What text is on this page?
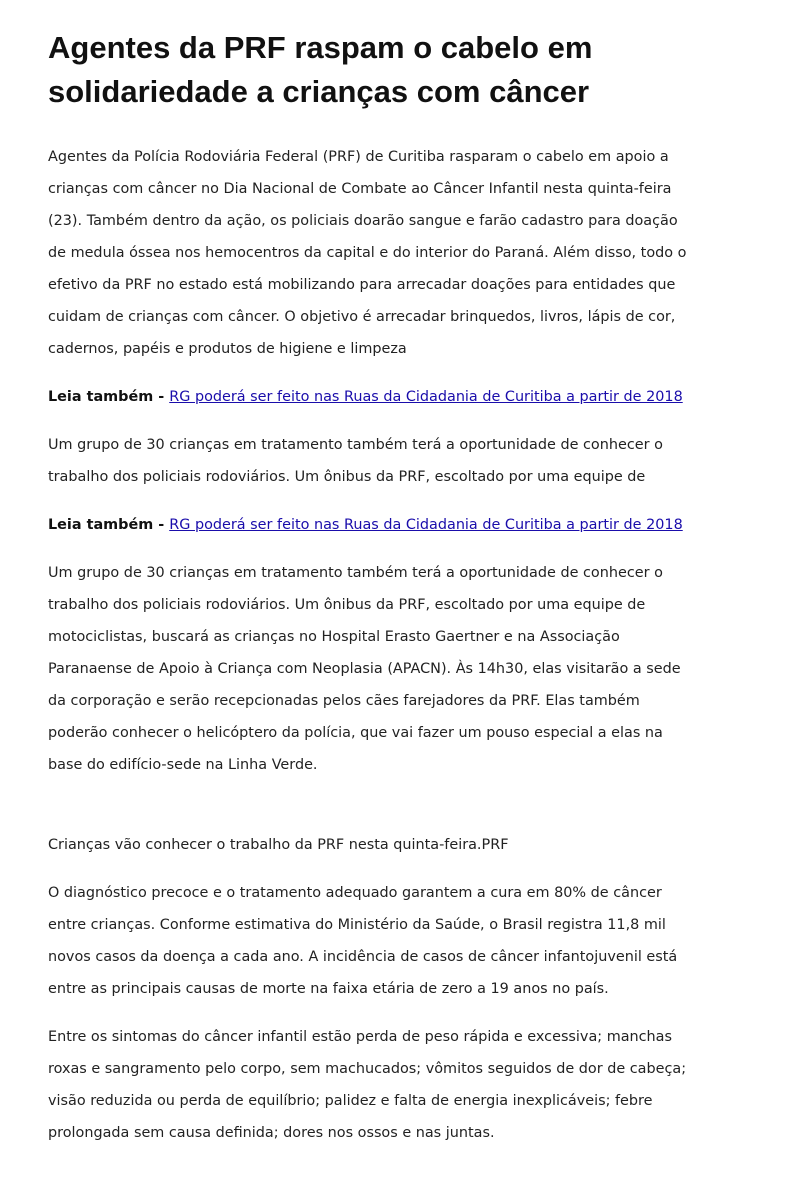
Agentes da PRF raspam o cabelo em solidariedade a crianças com câncer

Agentes da Polícia Rodoviária Federal (PRF) de Curitiba rasparam o cabelo em apoio a crianças com câncer no Dia Nacional de Combate ao Câncer Infantil nesta quinta-feira (23). Também dentro da ação, os policiais doarão sangue e farão cadastro para doação de medula óssea nos hemocentros da capital e do interior do Paraná. Além disso, todo o efetivo da PRF no estado está mobilizando para arrecadar doações para entidades que cuidam de crianças com câncer. O objetivo é arrecadar brinquedos, livros, lápis de cor, cadernos, papéis e produtos de higiene e limpeza

Leia também - RG poderá ser feito nas Ruas da Cidadania de Curitiba a partir de 2018

Um grupo de 30 crianças em tratamento também terá a oportunidade de conhecer o trabalho dos policiais rodoviários. Um ônibus da PRF, escoltado por uma equipe de

Leia também - RG poderá ser feito nas Ruas da Cidadania de Curitiba a partir de 2018

Um grupo de 30 crianças em tratamento também terá a oportunidade de conhecer o trabalho dos policiais rodoviários. Um ônibus da PRF, escoltado por uma equipe de motociclistas, buscará as crianças no Hospital Erasto Gaertner e na Associação Paranaense de Apoio à Criança com Neoplasia (APACN). Às 14h30, elas visitarão a sede da corporação e serão recepcionadas pelos cães farejadores da PRF. Elas também poderão conhecer o helicóptero da polícia, que vai fazer um pouso especial a elas na base do edifício-sede na Linha Verde.

Crianças vão conhecer o trabalho da PRF nesta quinta-feira.PRF

O diagnóstico precoce e o tratamento adequado garantem a cura em 80% de câncer entre crianças. Conforme estimativa do Ministério da Saúde, o Brasil registra 11,8 mil novos casos da doença a cada ano. A incidência de casos de câncer infantojuvenil está entre as principais causas de morte na faixa etária de zero a 19 anos no país.

Entre os sintomas do câncer infantil estão perda de peso rápida e excessiva; manchas roxas e sangramento pelo corpo, sem machucados; vômitos seguidos de dor de cabeça; visão reduzida ou perda de equilíbrio; palidez e falta de energia inexplicáveis; febre prolongada sem causa definida; dores nos ossos e nas juntas.
